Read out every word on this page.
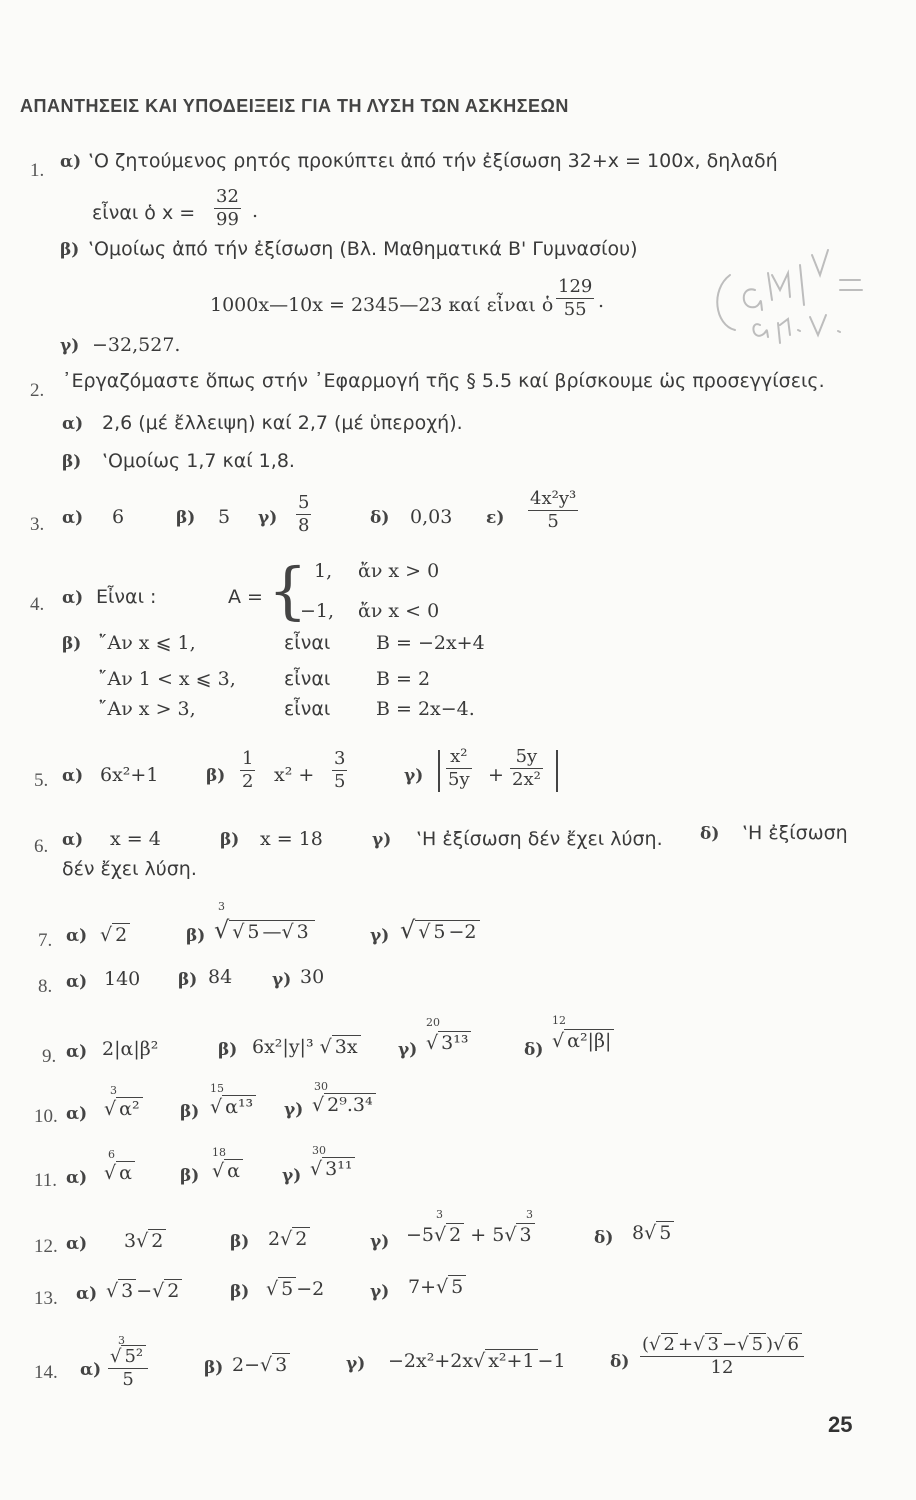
ΑΠΑΝΤΗΣΕΙΣ ΚΑΙ ΥΠΟΔΕΙΞΕΙΣ ΓΙΑ ΤΗ ΛΥΣΗ ΤΩΝ ΑΣΚΗΣΕΩΝ
1. α) ‛Ο ζητούμενος ρητός προκύπτει ἀπό τήν ἐξίσωση 32+x = 100x, δηλαδή
εἶναι ὁ $x = \frac{32}{99}$ .
β) ‛Ομοίως ἀπό τήν ἐξίσωση (Βλ. Μαθηματικά Β' Γυμνασίου)
1000x—10x = 2345—23 καί εἶναι ὁ $\frac{129}{55}$ .
γ) −32,527.
2. ᾿Εργαζόμαστε ὅπως στήν ᾿Εφαρμογή τῆς § 5.5 καί βρίσκουμε ὡς προσεγγίσεις.
α) 2,6 (μέ ἔλλειψη) καί 2,7 (μέ ὑπεροχή).
β) ‛Ομοίως 1,7 καί 1,8.
3. α) 6	β) 5 $\gamma) \frac{5}{8}$	δ) 0,03 $\varepsilon) \frac{\text{4x²y³}}{5}$
4. α) Εἶναι :	A = { 1, ἄν x > 0
−1, ἄν x < 0
β) ῎Αν x ⩽ 1,	εἶναι B = −2x+4
῎Αν 1 < x ⩽ 3,	εἶναι B = 2
῎Αν x > 3,	εἶναι B = 2x−4.
5. α) 6x²+1	$\beta) \frac{1}{2} x^2 + \frac{3}{5}$	$\gamma) \frac{\text{x²}}{5y} + \frac{5y}{\text{2x²}}$
6. α) x = 4	β) x = 18	γ) ‛Η ἐξίσωση δέν ἔχει λύση. δ) ‛Η ἐξίσωση
δέν ἔχει λύση.
7. α) √ 2	β)
3
√ √ 5 —√ 3	γ) √ √ 5 −2
8. α) 140 β) 84 γ) 30
9. α) 2|α|β²	β) 6x²|y|³ √ 3x γ)
20
√ 3¹³	δ)
12
√ α²|β|
10. α)
3
√ α² β)
15
√ α¹³ γ)
30
√ 2⁹.3⁴
11. α)
6
√ α	β)
18
√ α γ)
30
√ 3¹¹
12. α) 3√ 2	β) 2√ 2	γ)
3	3
−5√ 2 + 5√ 3	δ) 8√ 5
13. α) √ 3 −√ 2	β) √ 5 −2	γ) 7+√ 5
14. α)
3
$\frac{\text{√ 5²}}{5}$	β) 2−√ 3	γ) −2x²+2x√ x²+1 −1	$\delta) \frac{(√ 2 +√ 3 -√ 5 )√ 6}{12}$
25
